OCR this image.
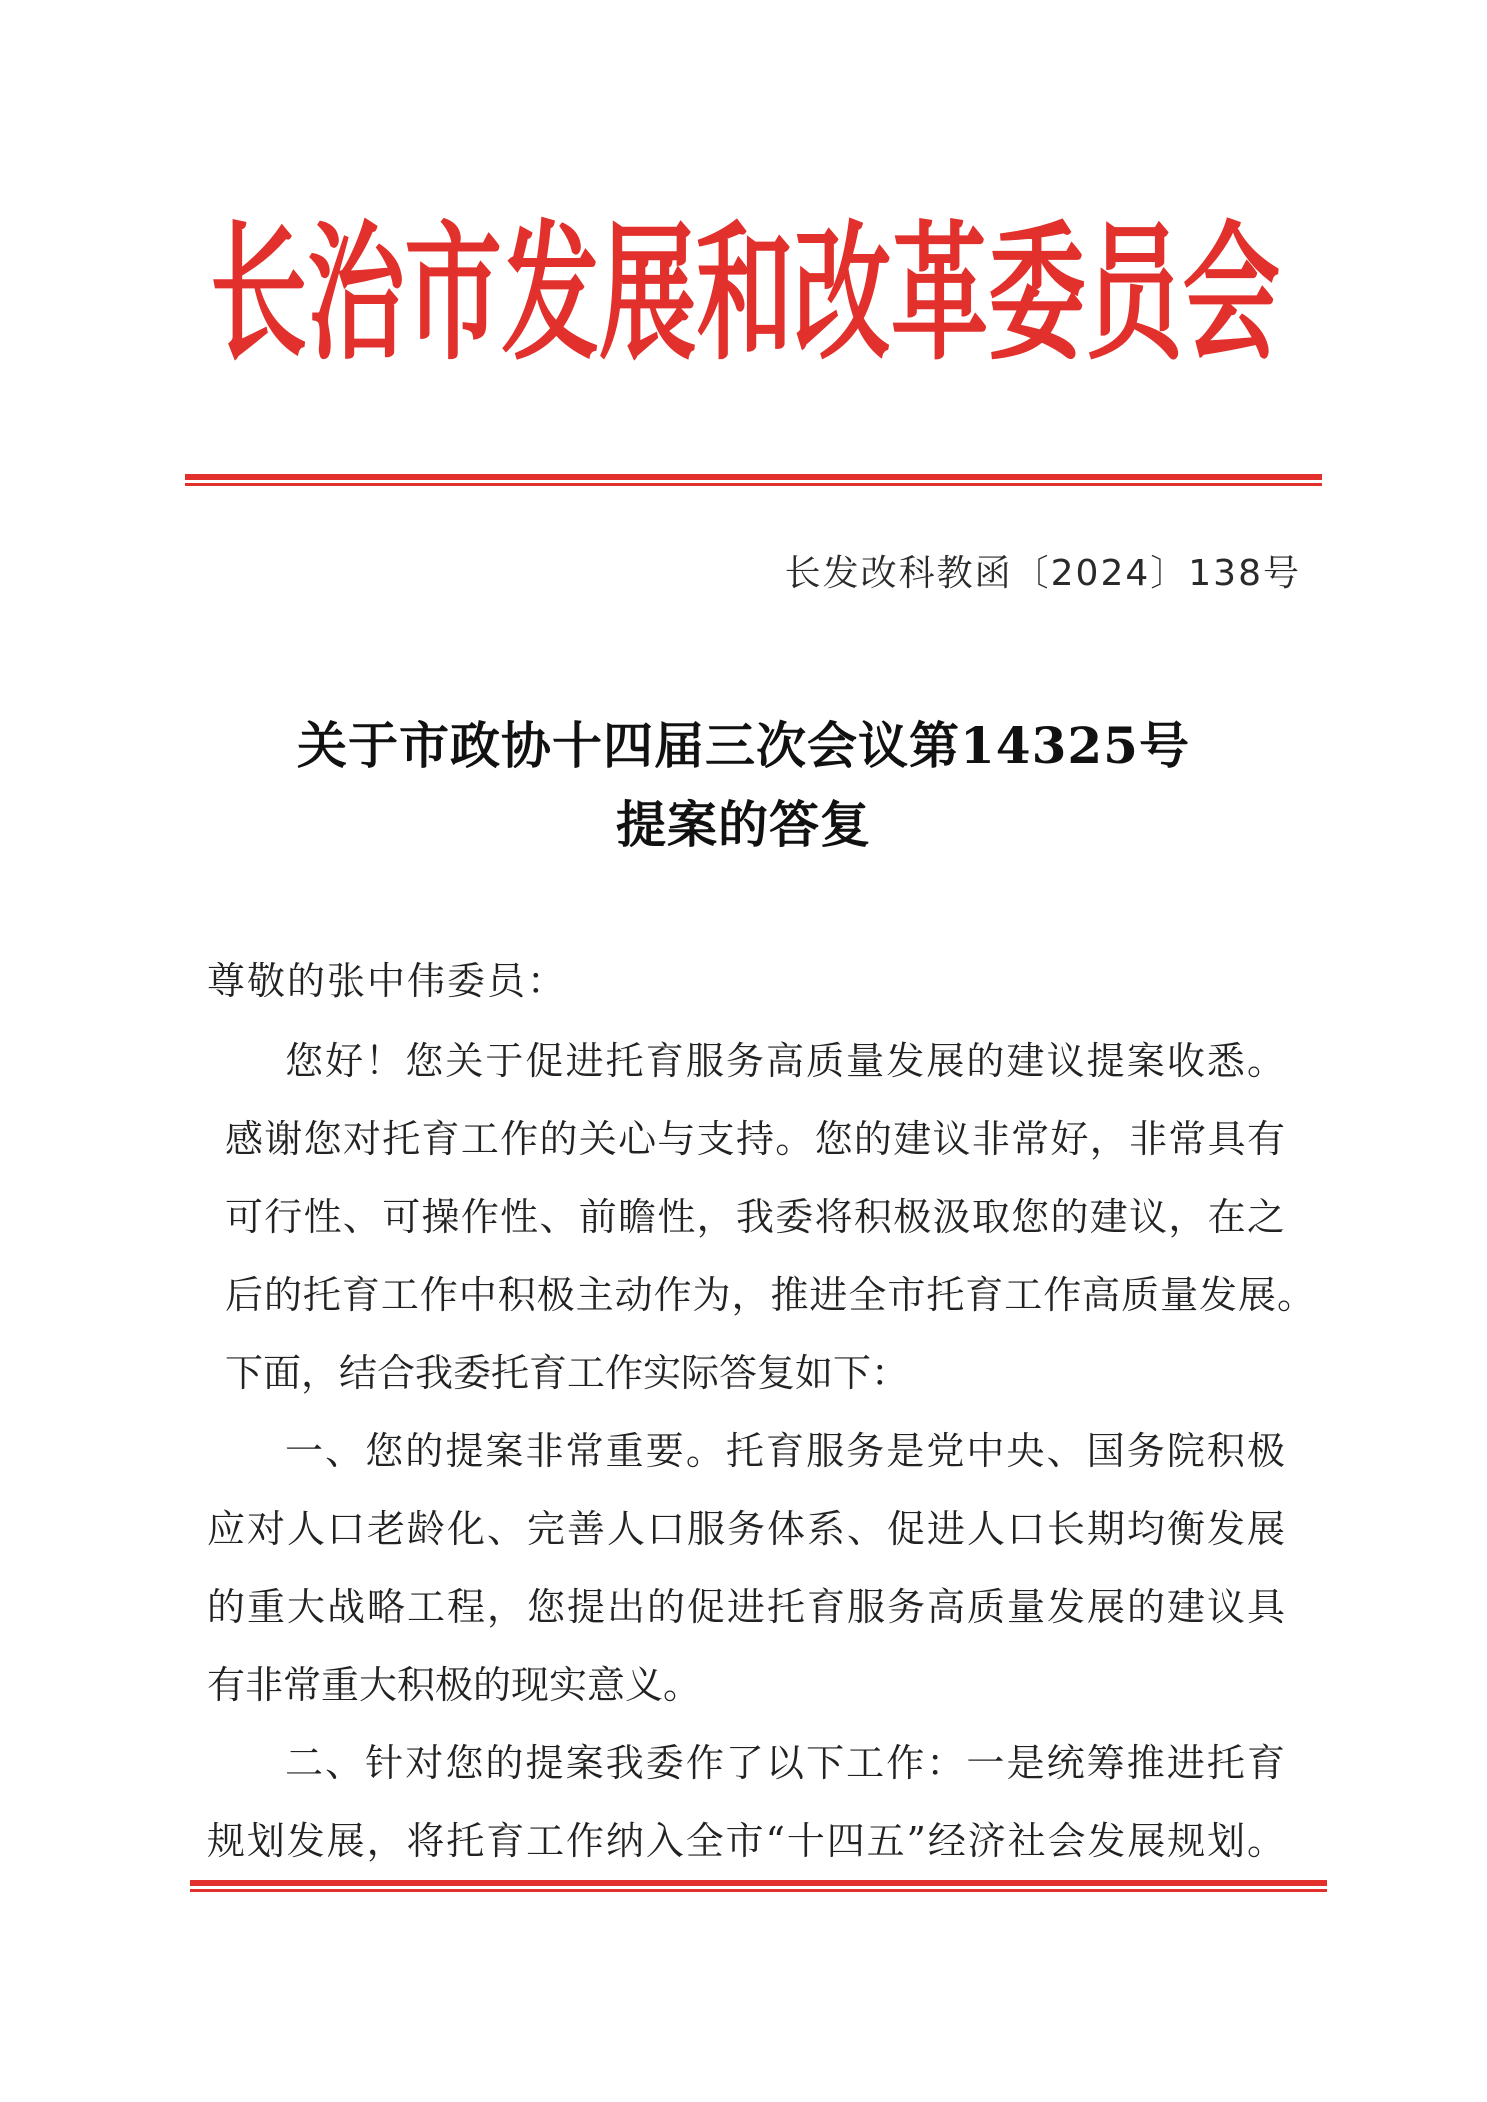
长治市发展和改革委员会

长发改科教函〔2024〕138号

关于市政协十四届三次会议第14325号
提案的答复

尊敬的张中伟委员：

您好！您关于促进托育服务高质量发展的建议提案收悉。

感谢您对托育工作的关心与支持。您的建议非常好，非常具有

可行性、可操作性、前瞻性，我委将积极汲取您的建议，在之

后的托育工作中积极主动作为，推进全市托育工作高质量发展。

下面，结合我委托育工作实际答复如下：

一、您的提案非常重要。托育服务是党中央、国务院积极

应对人口老龄化、完善人口服务体系、促进人口长期均衡发展

的重大战略工程，您提出的促进托育服务高质量发展的建议具

有非常重大积极的现实意义。

二、针对您的提案我委作了以下工作：一是统筹推进托育

规划发展，将托育工作纳入全市“十四五”经济社会发展规划。
